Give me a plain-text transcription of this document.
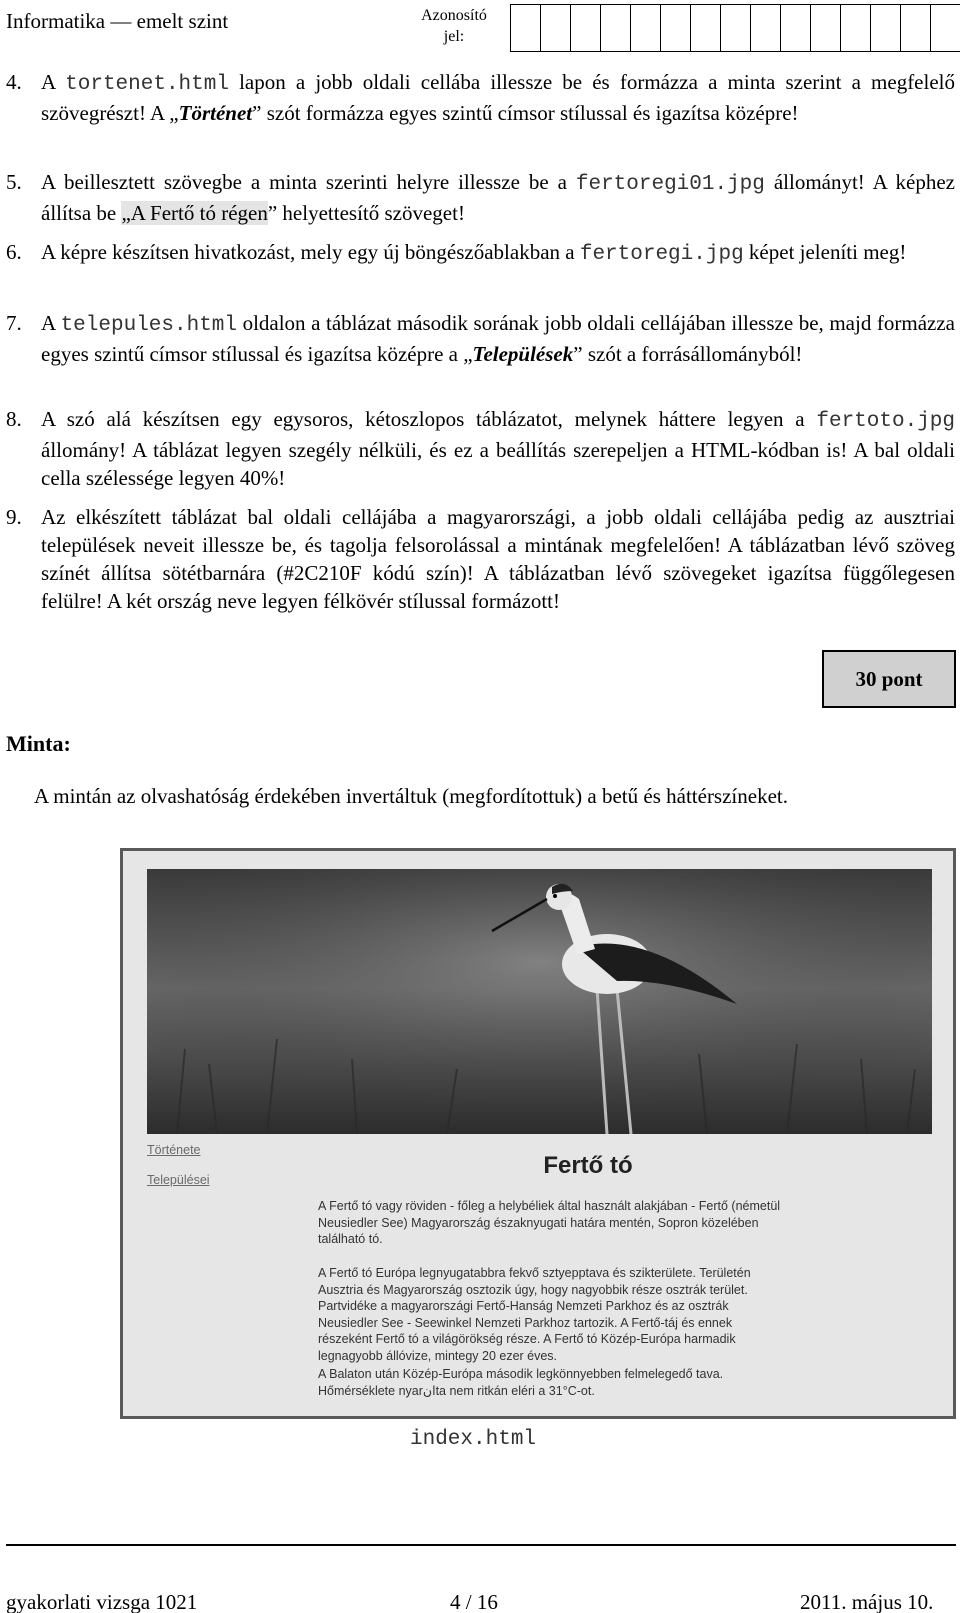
Informatika — emelt szint	Azonosító
jel:
4. A tortenet.html lapon a jobb oldali cellába illessze be és formázza a minta szerint a megfelelő szövegrészt! A „Történet” szót formázza egyes szintű címsor stílussal és igazítsa középre!
5. A beillesztett szövegbe a minta szerinti helyre illessze be a fertoregi01.jpg állományt! A képhez állítsa be „A Fertő tó régen” helyettesítő szöveget!
6. A képre készítsen hivatkozást, mely egy új böngészőablakban a fertoregi.jpg képet jeleníti meg!
7. A telepules.html oldalon a táblázat második sorának jobb oldali cellájában illessze be, majd formázza egyes szintű címsor stílussal és igazítsa középre a „Települések” szót a forrásállományból!
8. A szó alá készítsen egy egysoros, kétoszlopos táblázatot, melynek háttere legyen a fertoto.jpg állomány! A táblázat legyen szegély nélküli, és ez a beállítás szerepeljen a HTML-kódban is! A bal oldali cella szélessége legyen 40%!
9. Az elkészített táblázat bal oldali cellájába a magyarországi, a jobb oldali cellájába pedig az ausztriai települések neveit illessze be, és tagolja felsorolással a mintának megfelelően! A táblázatban lévő szöveg színét állítsa sötétbarnára (#2C210F kódú szín)! A táblázatban lévő szövegeket igazítsa függőlegesen felülre! A két ország neve legyen félkövér stílussal formázott!
30 pont
Minta:
A mintán az olvashatóság érdekében invertáltuk (megfordítottuk) a betű és háttérszíneket.
Története
Települései
Fertő tó
A Fertő tó vagy röviden - főleg a helybéliek által használt alakjában - Fertő (németül Neusiedler See) Magyarország északnyugati határa mentén, Sopron közelében található tó.
A Fertő tó Európa legnyugatabbra fekvő sztyepptava és szikterülete. Területén Ausztria és Magyarország osztozik úgy, hogy nagyobbik része osztrák terület. Partvidéke a magyarországi Fertő-Hanság Nemzeti Parkhoz és az osztrák Neusiedler See - Seewinkel Nemzeti Parkhoz tartozik. A Fertő-táj és ennek részeként Fertő tó a világörökség része. A Fertő tó Közép-Európa harmadik legnagyobb állóvize, mintegy 20 ezer éves.
A Balaton után Közép-Európa második legkönnyebben felmelegedő tava. Hőmérséklete nyarانta nem ritkán eléri a 31°C-ot.
index.html
gyakorlati vizsga 1021	4 / 16	2011. május 10.
